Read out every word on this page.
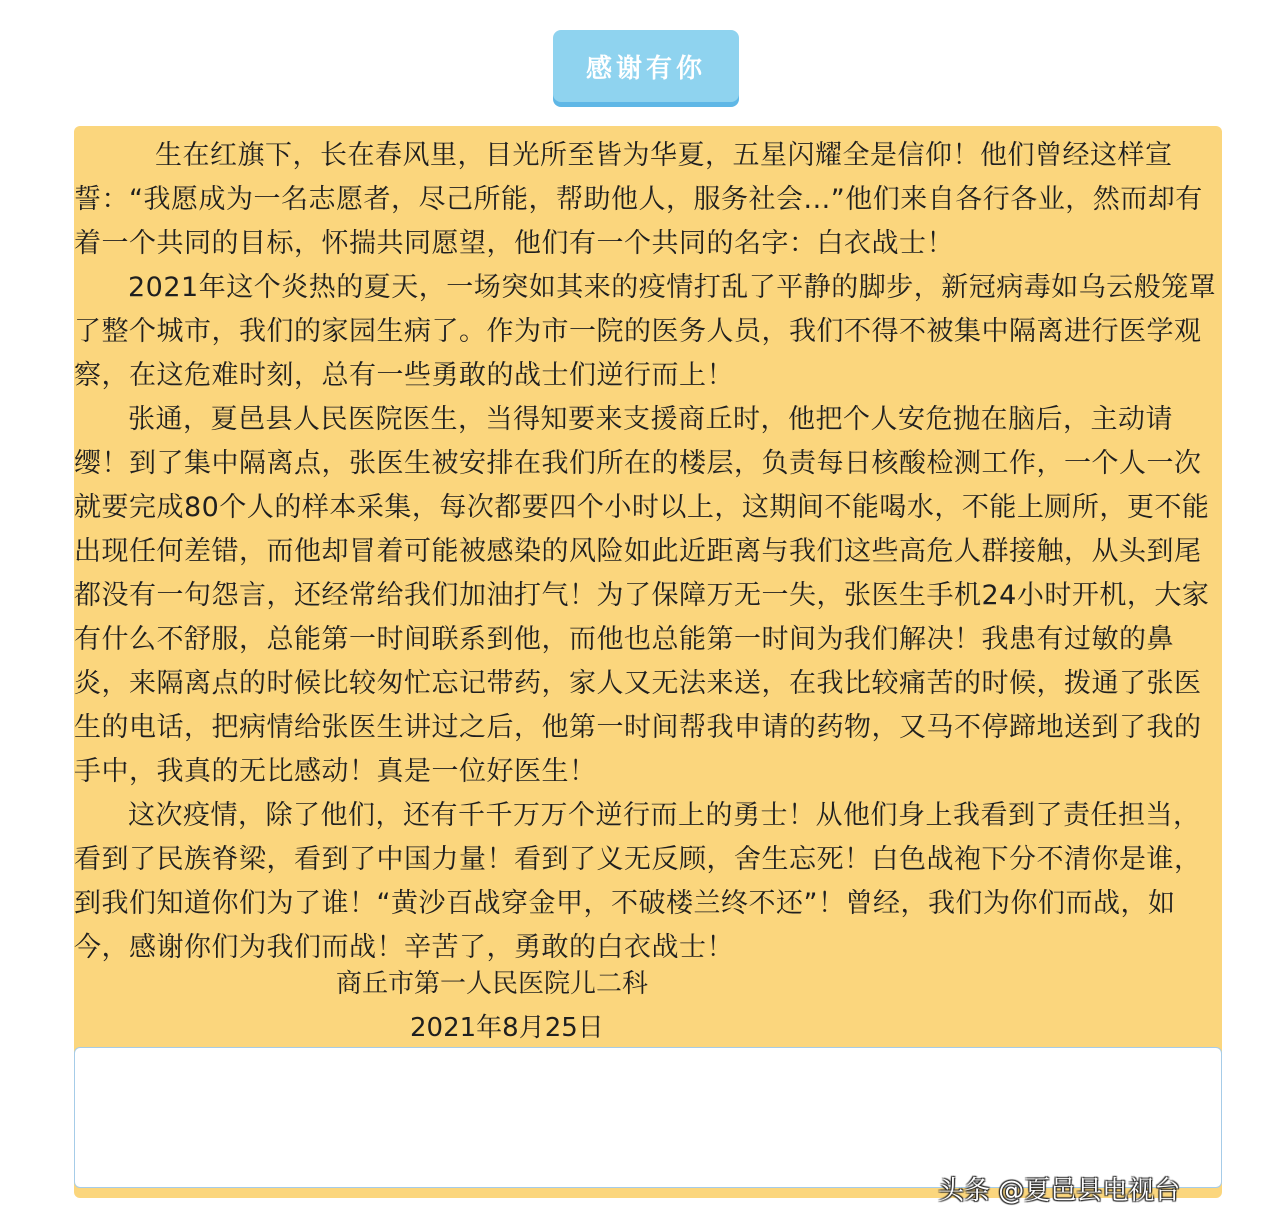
感谢有你

生在红旗下，长在春风里，目光所至皆为华夏，五星闪耀全是信仰！他们曾经这样宣誓：“我愿成为一名志愿者，尽己所能，帮助他人，服务社会...”他们来自各行各业，然而却有着一个共同的目标，怀揣共同愿望，他们有一个共同的名字：白衣战士！

2021年这个炎热的夏天，一场突如其来的疫情打乱了平静的脚步，新冠病毒如乌云般笼罩了整个城市，我们的家园生病了。作为市一院的医务人员，我们不得不被集中隔离进行医学观察，在这危难时刻，总有一些勇敢的战士们逆行而上！

张通，夏邑县人民医院医生，当得知要来支援商丘时，他把个人安危抛在脑后，主动请缨！到了集中隔离点，张医生被安排在我们所在的楼层，负责每日核酸检测工作，一个人一次就要完成80个人的样本采集，每次都要四个小时以上，这期间不能喝水，不能上厕所，更不能出现任何差错，而他却冒着可能被感染的风险如此近距离与我们这些高危人群接触，从头到尾都没有一句怨言，还经常给我们加油打气！为了保障万无一失，张医生手机24小时开机，大家有什么不舒服，总能第一时间联系到他，而他也总能第一时间为我们解决！我患有过敏的鼻炎，来隔离点的时候比较匆忙忘记带药，家人又无法来送，在我比较痛苦的时候，拨通了张医生的电话，把病情给张医生讲过之后，他第一时间帮我申请的药物，又马不停蹄地送到了我的手中，我真的无比感动！真是一位好医生！

这次疫情，除了他们，还有千千万万个逆行而上的勇士！从他们身上我看到了责任担当，看到了民族脊梁，看到了中国力量！看到了义无反顾，舍生忘死！白色战袍下分不清你是谁，到我们知道你们为了谁！“黄沙百战穿金甲，不破楼兰终不还”！曾经，我们为你们而战，如今，感谢你们为我们而战！辛苦了，勇敢的白衣战士！

商丘市第一人民医院儿二科
2021年8月25日
头条 @夏邑县电视台
